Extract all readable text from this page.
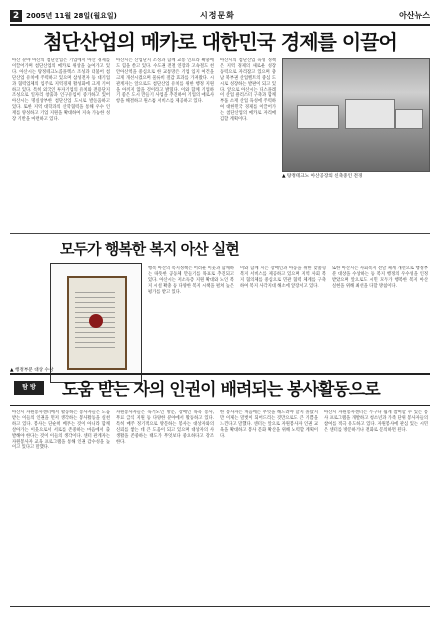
2 2005년 11월 28일(월요일)	시정문화	아산뉴스
첨단산업의 메카로 대한민국 경제를 이끌어
아산 분야 아산의 첨단산업은 기업에서 아산 경제를 이끌어가며 첨단산업의 메카로 위상을 높여가고 있다. 아산시는 탕정테크노콤플렉스 조성과 더불어 첨단산업 유치에 주력하고 있으며 삼성전자 등 대기업과 협력업체의 입주로 지역경제 활성화에 크게 기여하고 있다. 특히 외국인 투자기업의 유치와 전용단지 조성으로 일자리 창출과 인구유입이 증가하고 있어 아산시는 명실상부한 첨단산업 도시로 발돋움하고 있다. 또한 지역 대학과의 산학협력을 통해 우수 인재를 양성하고 기업 지원을 확대하여 지속 가능한 성장 기반을 마련하고 있다.
아산시는 산업단지 조성과 함께 교통 인프라 확충에도 힘을 쏟고 있다. 수도권 전철 연장과 고속철도 천안아산역을 중심으로 한 교통망은 기업 입지 여건을 크게 개선시켰으며 물류비 절감 효과를 가져왔다. 시 관계자는 앞으로도 첨단산업 유치를 위한 행정 지원을 아끼지 않을 것이라고 밝혔다. 이와 함께 기업하기 좋은 도시 만들기 사업을 추진하여 기업의 애로사항을 해결하고 원스톱 서비스를 제공하고 있다.
아산시의 첨단산업 육성 정책은 지역 경제의 새로운 성장 동력으로 자리잡고 있으며 충남 북부권 산업벨트의 중심 도시로 성장하는 발판이 되고 있다. 앞으로 아산시는 디스플레이 산업 클러스터 구축과 함께 부품 소재 산업 육성에 주력하여 대한민국 경제를 이끌어가는 첨단산업의 메카로 자리매김할 계획이다.
▲ 탕정테크노 아산공장의 신축중인 전경
모두가 행복한 복지 아산 실현
▲ 행정부분 대상 수상
행복 아산의 복지정책은 어려운 이웃과 함께하는 따뜻한 공동체 만들기를 목표로 추진되고 있다. 아산시는 저소득층 지원 확대와 노인 복지 시설 확충 등 다양한 복지 시책을 펼쳐 높은 평가를 받고 있다.
이와 함께 시는 장애인과 아동을 위한 맞춤형 복지 서비스를 제공하고 있으며 지역 사회 복지 협의체를 중심으로 민관 협력 체계를 구축하여 복지 사각지대 해소에 앞장서고 있다.
또한 아산시는 사회복지 전달 체계 개선으로 행정부분 대상을 수상하는 등 복지 행정의 우수성을 인정받았으며 앞으로도 시민 모두가 행복한 복지 아산 실현을 위해 최선을 다할 방침이다.
탐 방	도움 받는 자의 인권이 배려되는 봉사활동으로
아산시 자원봉사센터에서 활동하는 봉사자들은 도움 받는 이들의 인권을 먼저 생각하는 봉사활동을 실천하고 있다. 봉사는 단순히 베푸는 것이 아니라 함께 살아가는 이웃으로서 서로를 존중하는 마음에서 출발해야 한다는 것이 이들의 생각이다. 센터 관계자는 자원봉사자 교육 프로그램을 통해 인권 감수성을 높이고 있다고 말했다.
자원봉사자들은 독거노인 방문, 장애인 목욕 봉사, 무료 급식 지원 등 다양한 분야에서 활동하고 있다. 특히 매주 정기적으로 방문하는 봉사는 대상자와의 신뢰를 쌓는 데 큰 도움이 되고 있으며 대상자의 사생활을 존중하는 태도가 무엇보다 중요하다고 강조한다.
한 봉사자는 처음에는 무엇을 해드려야 할지 몰랐지만 이제는 말벗이 되어드리는 것만으로도 큰 기쁨을 느낀다고 말했다. 센터는 앞으로 자원봉사자 인권 교육을 확대하고 봉사 문화 확산을 위해 노력할 계획이다.
아산시 자원봉사센터는 누구나 쉽게 참여할 수 있는 봉사 프로그램을 개발하고 청소년과 가족 단위 봉사자들의 참여를 적극 유도하고 있다. 자원봉사에 관심 있는 시민은 센터를 방문하거나 전화로 문의하면 된다.
